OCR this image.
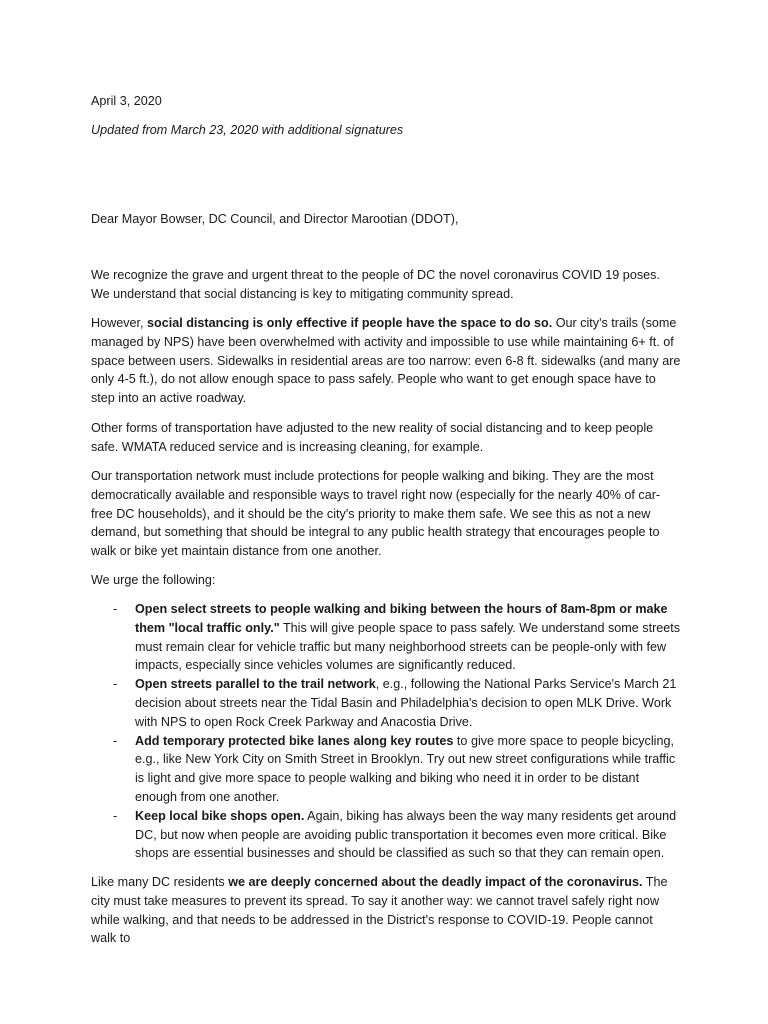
April 3, 2020
Updated from March 23, 2020 with additional signatures
Dear Mayor Bowser, DC Council, and Director Marootian (DDOT),

We recognize the grave and urgent threat to the people of DC the novel coronavirus COVID 19 poses. We understand that social distancing is key to mitigating community spread.

However, social distancing is only effective if people have the space to do so. Our city's trails (some managed by NPS) have been overwhelmed with activity and impossible to use while maintaining 6+ ft. of space between users. Sidewalks in residential areas are too narrow: even 6-8 ft. sidewalks (and many are only 4-5 ft.), do not allow enough space to pass safely. People who want to get enough space have to step into an active roadway.

Other forms of transportation have adjusted to the new reality of social distancing and to keep people safe. WMATA reduced service and is increasing cleaning, for example.

Our transportation network must include protections for people walking and biking. They are the most democratically available and responsible ways to travel right now (especially for the nearly 40% of car-free DC households), and it should be the city's priority to make them safe. We see this as not a new demand, but something that should be integral to any public health strategy that encourages people to walk or bike yet maintain distance from one another.

We urge the following:

- Open select streets to people walking and biking between the hours of 8am-8pm or make them "local traffic only." This will give people space to pass safely. We understand some streets must remain clear for vehicle traffic but many neighborhood streets can be people-only with few impacts, especially since vehicles volumes are significantly reduced.
- Open streets parallel to the trail network, e.g., following the National Parks Service's March 21 decision about streets near the Tidal Basin and Philadelphia's decision to open MLK Drive. Work with NPS to open Rock Creek Parkway and Anacostia Drive.
- Add temporary protected bike lanes along key routes to give more space to people bicycling, e.g., like New York City on Smith Street in Brooklyn. Try out new street configurations while traffic is light and give more space to people walking and biking who need it in order to be distant enough from one another.
- Keep local bike shops open. Again, biking has always been the way many residents get around DC, but now when people are avoiding public transportation it becomes even more critical. Bike shops are essential businesses and should be classified as such so that they can remain open.

Like many DC residents we are deeply concerned about the deadly impact of the coronavirus. The city must take measures to prevent its spread. To say it another way: we cannot travel safely right now while walking, and that needs to be addressed in the District's response to COVID-19. People cannot walk to
